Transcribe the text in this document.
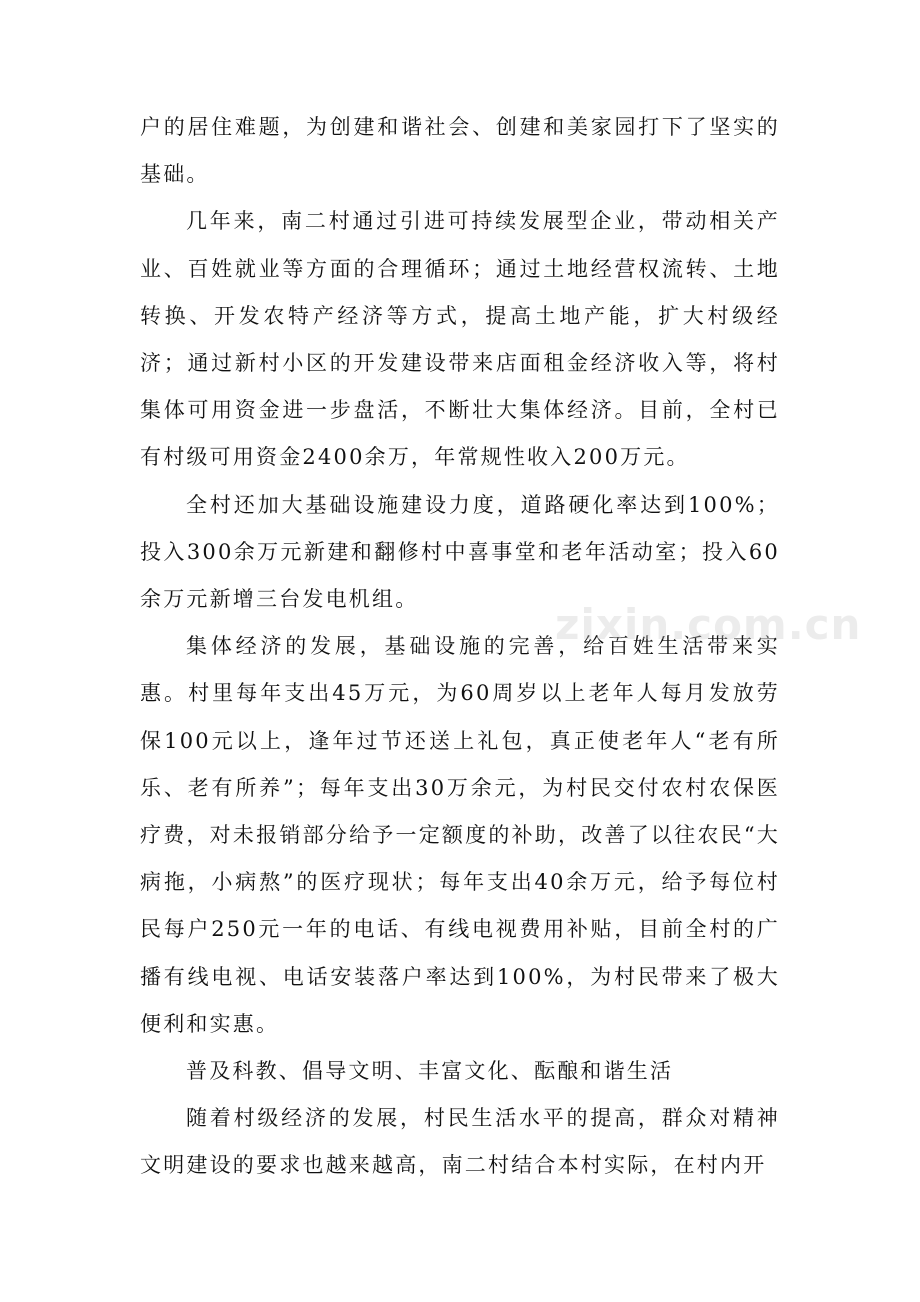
户的居住难题，为创建和谐社会、创建和美家园打下了坚实的基础。

几年来，南二村通过引进可持续发展型企业，带动相关产业、百姓就业等方面的合理循环；通过土地经营权流转、土地转换、开发农特产经济等方式，提高土地产能，扩大村级经济；通过新村小区的开发建设带来店面租金经济收入等，将村集体可用资金进一步盘活，不断壮大集体经济。目前，全村已有村级可用资金2400余万，年常规性收入200万元。

全村还加大基础设施建设力度，道路硬化率达到100%；投入300余万元新建和翻修村中喜事堂和老年活动室；投入60余万元新增三台发电机组。

集体经济的发展，基础设施的完善，给百姓生活带来实惠。村里每年支出45万元，为60周岁以上老年人每月发放劳保100元以上，逢年过节还送上礼包，真正使老年人“老有所乐、老有所养”；每年支出30万余元，为村民交付农村农保医疗费，对未报销部分给予一定额度的补助，改善了以往农民“大病拖，小病熬”的医疗现状；每年支出40余万元，给予每位村民每户250元一年的电话、有线电视费用补贴，目前全村的广播有线电视、电话安装落户率达到100%，为村民带来了极大便利和实惠。

普及科教、倡导文明、丰富文化、酝酿和谐生活

随着村级经济的发展，村民生活水平的提高，群众对精神文明建设的要求也越来越高，南二村结合本村实际，在村内开

zixin.com.cn
